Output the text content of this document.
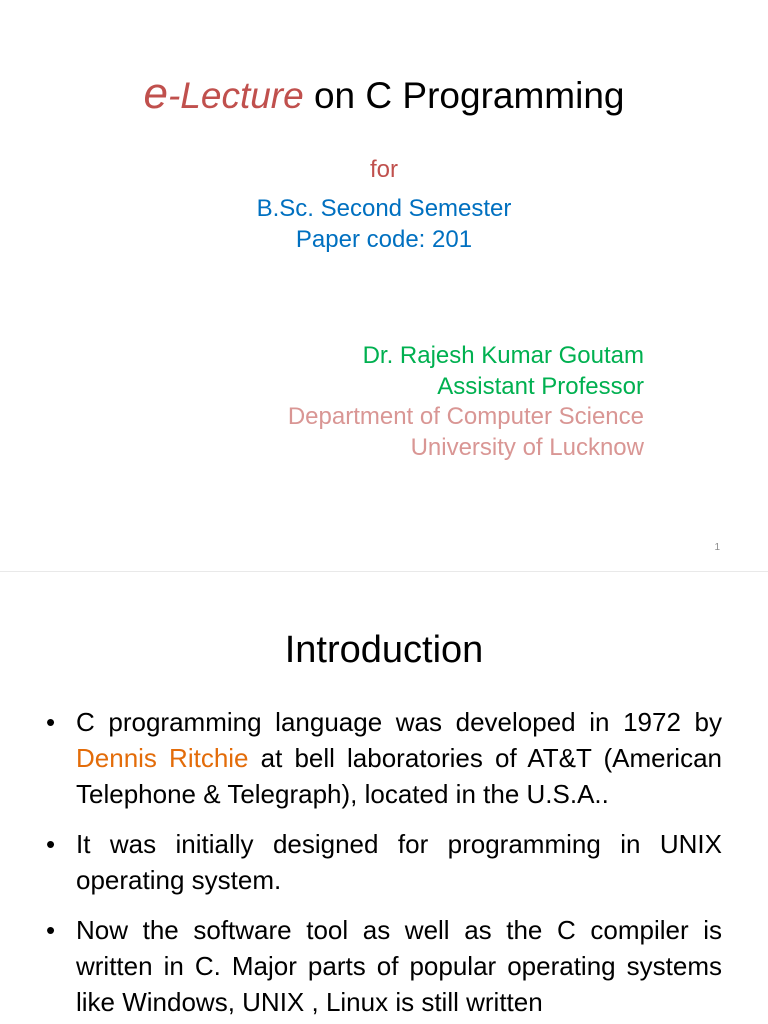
e-Lecture on C Programming
for
B.Sc. Second Semester
Paper code: 201
Dr. Rajesh Kumar Goutam
Assistant Professor
Department of Computer Science
University of Lucknow
1
Introduction
• C programming language was developed in 1972 by Dennis Ritchie at bell laboratories of AT&T (American Telephone & Telegraph), located in the U.S.A..
• It was initially designed for programming in UNIX operating system.
• Now the software tool as well as the C compiler is written in C. Major parts of popular operating systems like Windows, UNIX , Linux is still written
